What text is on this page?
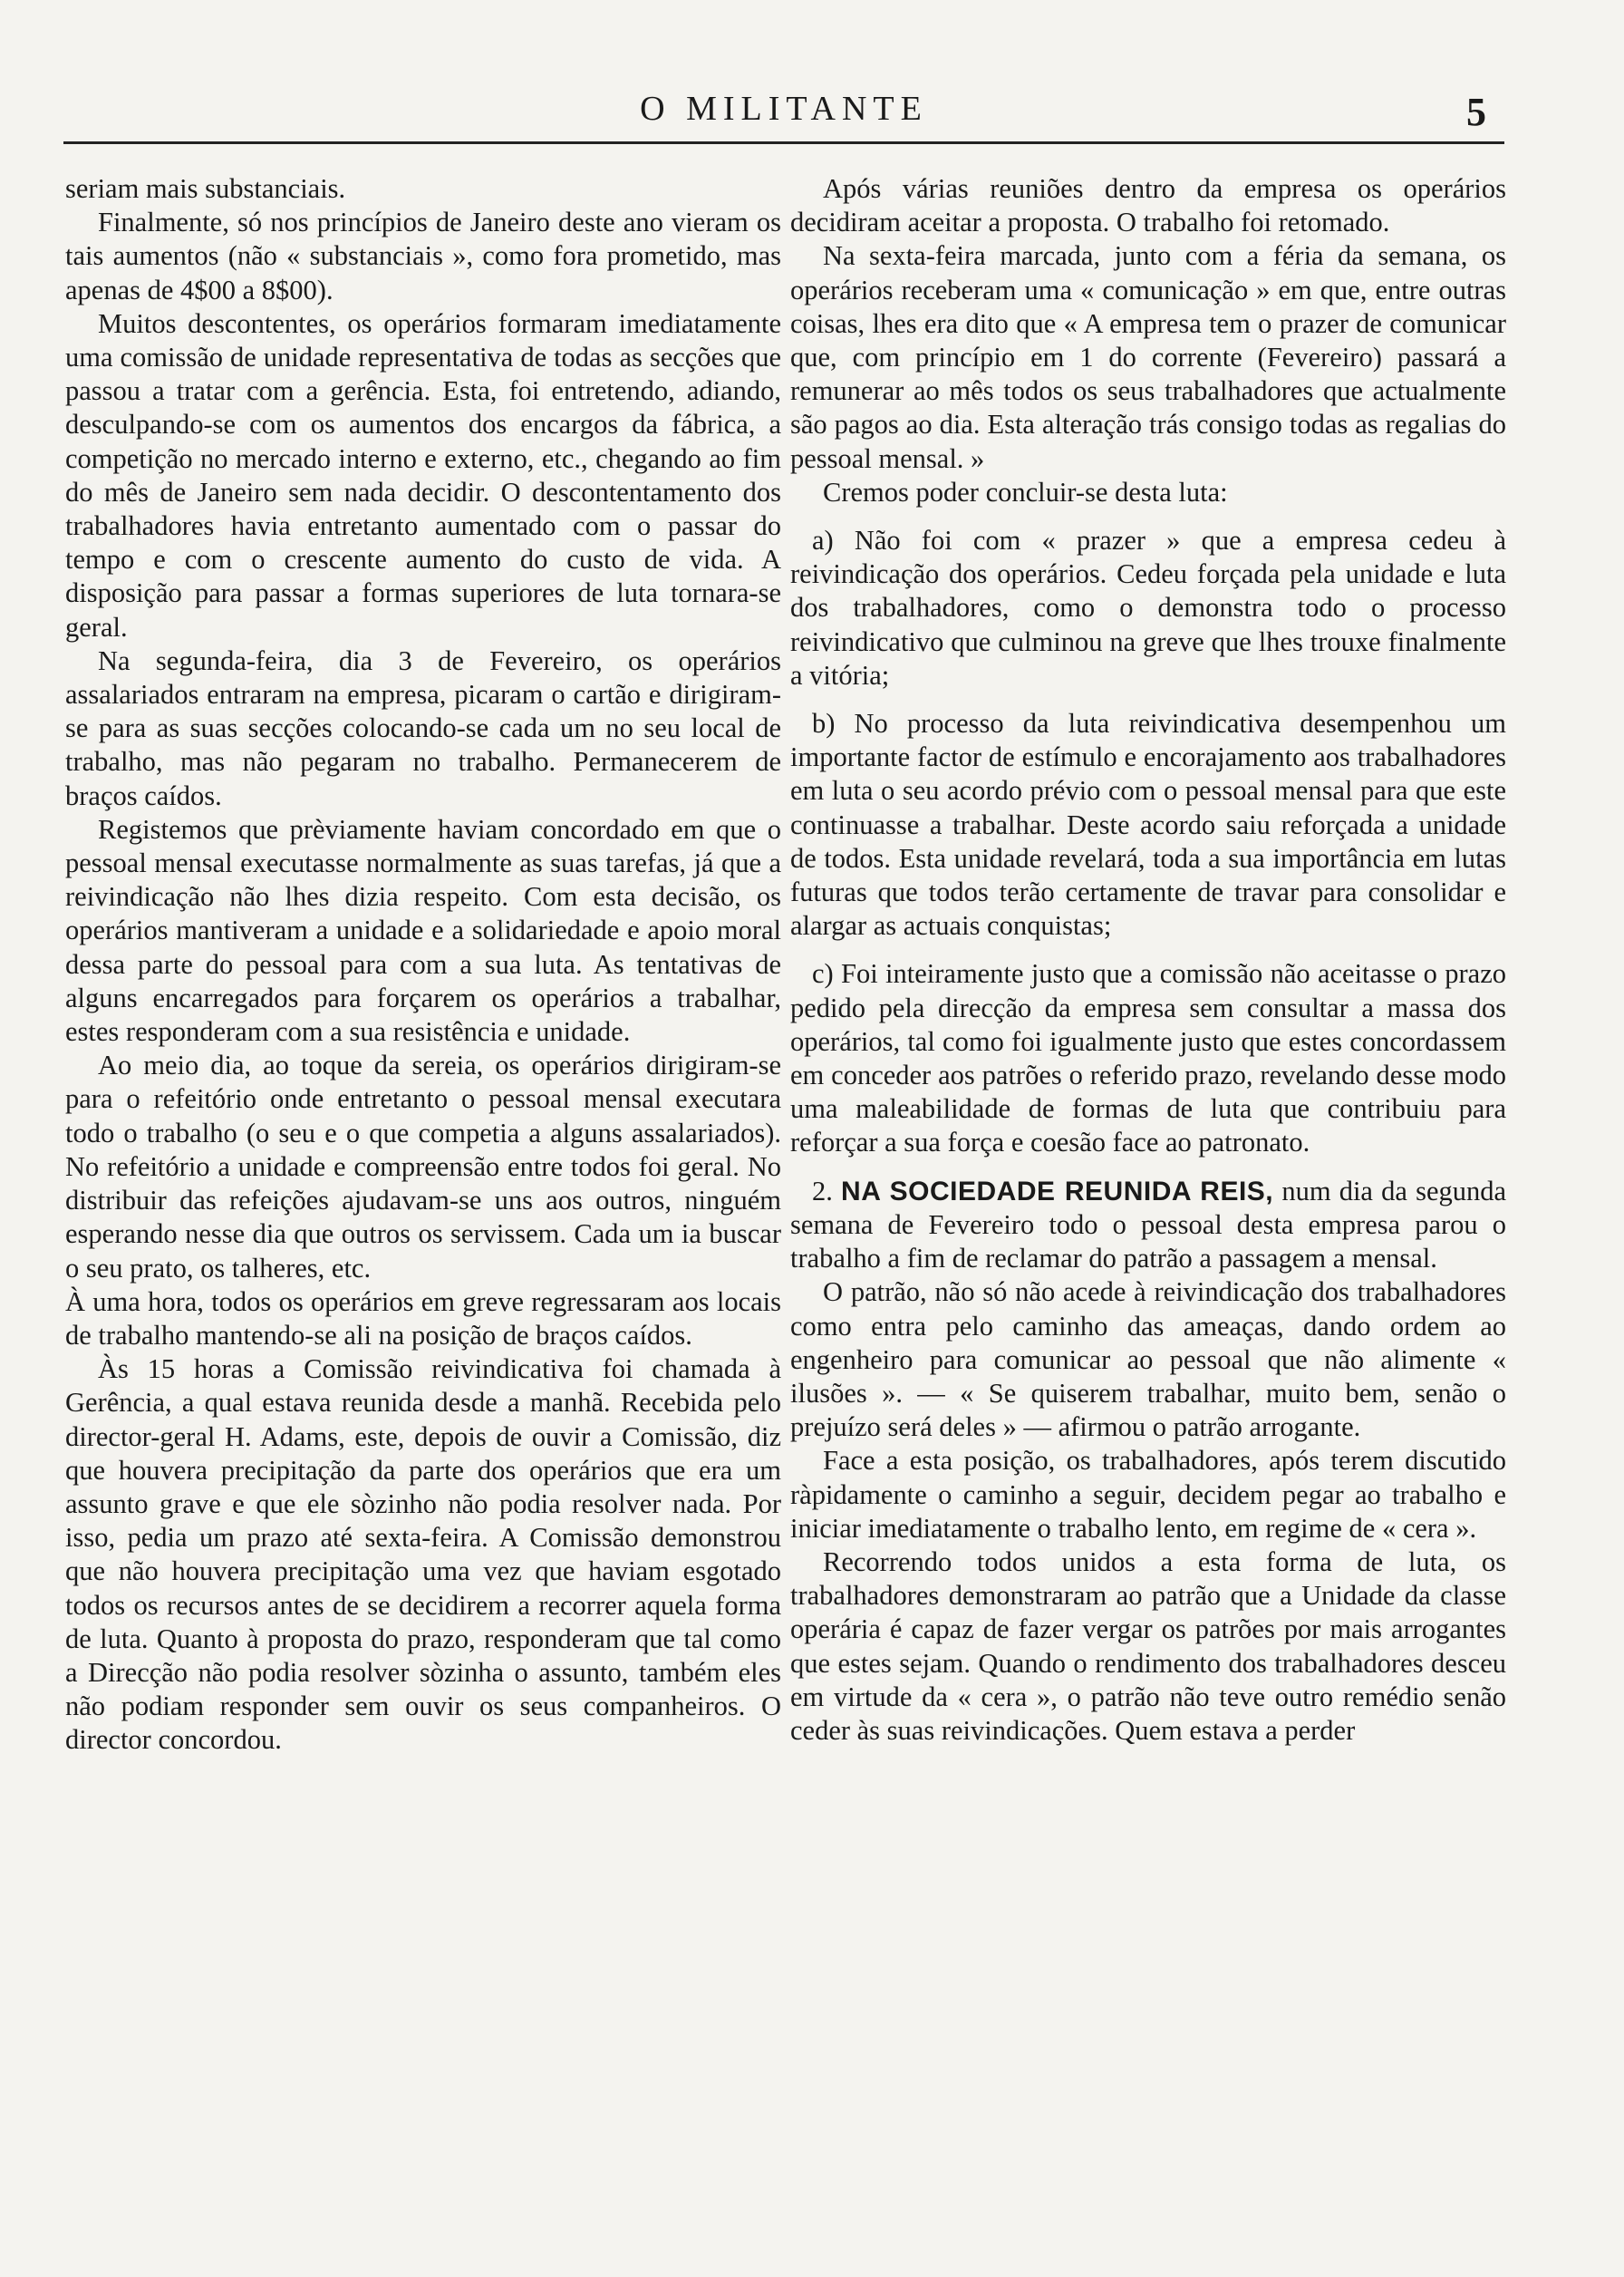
O MILITANTE	5

seriam mais substanciais.

Finalmente, só nos princípios de Janeiro deste ano vieram os tais aumentos (não « substanciais », como fora prometido, mas apenas de 4$00 a 8$00).

Muitos descontentes, os operários formaram imediatamente uma comissão de unidade representativa de todas as secções que passou a tratar com a gerência. Esta, foi entretendo, adiando, desculpando-se com os aumentos dos encargos da fábrica, a competição no mercado interno e externo, etc., chegando ao fim do mês de Janeiro sem nada decidir. O descontentamento dos trabalhadores havia entretanto aumentado com o passar do tempo e com o crescente aumento do custo de vida. A disposição para passar a formas superiores de luta tornara-se geral.

Na segunda-feira, dia 3 de Fevereiro, os operários assalariados entraram na empresa, picaram o cartão e dirigiram-se para as suas secções colocando-se cada um no seu local de trabalho, mas não pegaram no trabalho. Permanecerem de braços caídos.

Registemos que prèviamente haviam concordado em que o pessoal mensal executasse normalmente as suas tarefas, já que a reivindicação não lhes dizia respeito. Com esta decisão, os operários mantiveram a unidade e a solidariedade e apoio moral dessa parte do pessoal para com a sua luta. As tentativas de alguns encarregados para forçarem os operários a trabalhar, estes responderam com a sua resistência e unidade.

Ao meio dia, ao toque da sereia, os operários dirigiram-se para o refeitório onde entretanto o pessoal mensal executara todo o trabalho (o seu e o que competia a alguns assalariados). No refeitório a unidade e compreensão entre todos foi geral. No distribuir das refeições ajudavam-se uns aos outros, ninguém esperando nesse dia que outros os servissem. Cada um ia buscar o seu prato, os talheres, etc.

À uma hora, todos os operários em greve regressaram aos locais de trabalho mantendo-se ali na posição de braços caídos.

Às 15 horas a Comissão reivindicativa foi chamada à Gerência, a qual estava reunida desde a manhã. Recebida pelo director-geral H. Adams, este, depois de ouvir a Comissão, diz que houvera precipitação da parte dos operários que era um assunto grave e que ele sòzinho não podia resolver nada. Por isso, pedia um prazo até sexta-feira. A Comissão demonstrou que não houvera precipitação uma vez que haviam esgotado todos os recursos antes de se decidirem a recorrer aquela forma de luta. Quanto à proposta do prazo, responderam que tal como a Direcção não podia resolver sòzinha o assunto, também eles não podiam responder sem ouvir os seus companheiros. O director concordou.

Após várias reuniões dentro da empresa os operários decidiram aceitar a proposta. O trabalho foi retomado.

Na sexta-feira marcada, junto com a féria da semana, os operários receberam uma « comunicação » em que, entre outras coisas, lhes era dito que « A empresa tem o prazer de comunicar que, com princípio em 1 do corrente (Fevereiro) passará a remunerar ao mês todos os seus trabalhadores que actualmente são pagos ao dia. Esta alteração trás consigo todas as regalias do pessoal mensal. »

Cremos poder concluir-se desta luta:

a) Não foi com « prazer » que a empresa cedeu à reivindicação dos operários. Cedeu forçada pela unidade e luta dos trabalhadores, como o demonstra todo o processo reivindicativo que culminou na greve que lhes trouxe finalmente a vitória;

b) No processo da luta reivindicativa desempenhou um importante factor de estímulo e encorajamento aos trabalhadores em luta o seu acordo prévio com o pessoal mensal para que este continuasse a trabalhar. Deste acordo saiu reforçada a unidade de todos. Esta unidade revelará, toda a sua importância em lutas futuras que todos terão certamente de travar para consolidar e alargar as actuais conquistas;

c) Foi inteiramente justo que a comissão não aceitasse o prazo pedido pela direcção da empresa sem consultar a massa dos operários, tal como foi igualmente justo que estes concordassem em conceder aos patrões o referido prazo, revelando desse modo uma maleabilidade de formas de luta que contribuiu para reforçar a sua força e coesão face ao patronato.

2. NA SOCIEDADE REUNIDA REIS, num dia da segunda semana de Fevereiro todo o pessoal desta empresa parou o trabalho a fim de reclamar do patrão a passagem a mensal.

O patrão, não só não acede à reivindicação dos trabalhadores como entra pelo caminho das ameaças, dando ordem ao engenheiro para comunicar ao pessoal que não alimente « ilusões ». — « Se quiserem trabalhar, muito bem, senão o prejuízo será deles » — afirmou o patrão arrogante.

Face a esta posição, os trabalhadores, após terem discutido ràpidamente o caminho a seguir, decidem pegar ao trabalho e iniciar imediatamente o trabalho lento, em regime de « cera ».

Recorrendo todos unidos a esta forma de luta, os trabalhadores demonstraram ao patrão que a Unidade da classe operária é capaz de fazer vergar os patrões por mais arrogantes que estes sejam. Quando o rendimento dos trabalhadores desceu em virtude da « cera », o patrão não teve outro remédio senão ceder às suas reivindicações. Quem estava a perder
